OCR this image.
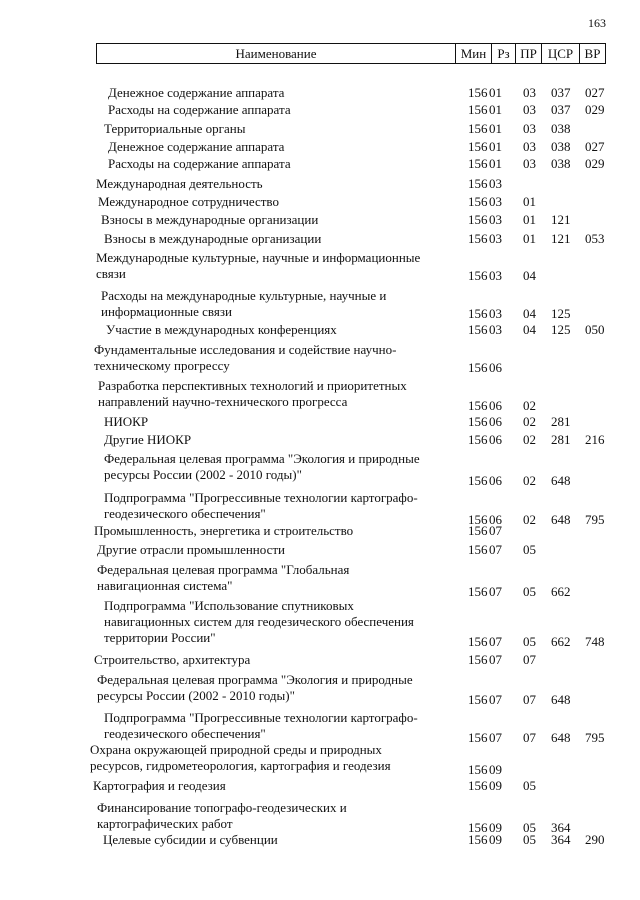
163
Наименование	Мин Рз ПР ЦСР ВР
Денежное содержание аппарата	156 01 03 037 027
Расходы на содержание аппарата	156 01 03 037 029
Территориальные органы	156 01 03 038
Денежное содержание аппарата	156 01 03 038 027
Расходы на содержание аппарата	156 01 03 038 029
Международная деятельность	156 03
Международное сотрудничество	156 03 01
Взносы в международные организации	156 03 01 121
Взносы в международные организации	156 03 01 121 053
Международные культурные, научные и информационные
связи	156 03 04
Расходы на международные культурные, научные и
информационные связи	156 03 04 125
Участие в международных конференциях	156 03 04 125 050
Фундаментальные исследования и содействие научно-
техническому прогрессу	156 06
Разработка перспективных технологий и приоритетных
направлений научно-технического прогресса	156 06 02
НИОКР	156 06 02 281
Другие НИОКР	156 06 02 281 216
Федеральная целевая программа "Экология и природные
ресурсы России (2002 - 2010 годы)"	156 06 02 648
Подпрограмма "Прогрессивные технологии картографо-
геодезического обеспечения"	156 06 02 648 795
Промышленность, энергетика и строительство	156 07
Другие отрасли промышленности	156 07 05
Федеральная целевая программа "Глобальная
навигационная система"	156 07 05 662
Подпрограмма "Использование спутниковых
навигационных систем для геодезического обеспечения
территории России"	156 07 05 662 748
Строительство, архитектура	156 07 07
Федеральная целевая программа "Экология и природные
ресурсы России (2002 - 2010 годы)"	156 07 07 648
Подпрограмма "Прогрессивные технологии картографо-
геодезического обеспечения"	156 07 07 648 795
Охрана окружающей природной среды и природных
ресурсов, гидрометеорология, картография и геодезия	156 09
Картография и геодезия	156 09 05
Финансирование топографо-геодезических и
картографических работ	156 09 05 364
Целевые субсидии и субвенции	156 09 05 364 290
